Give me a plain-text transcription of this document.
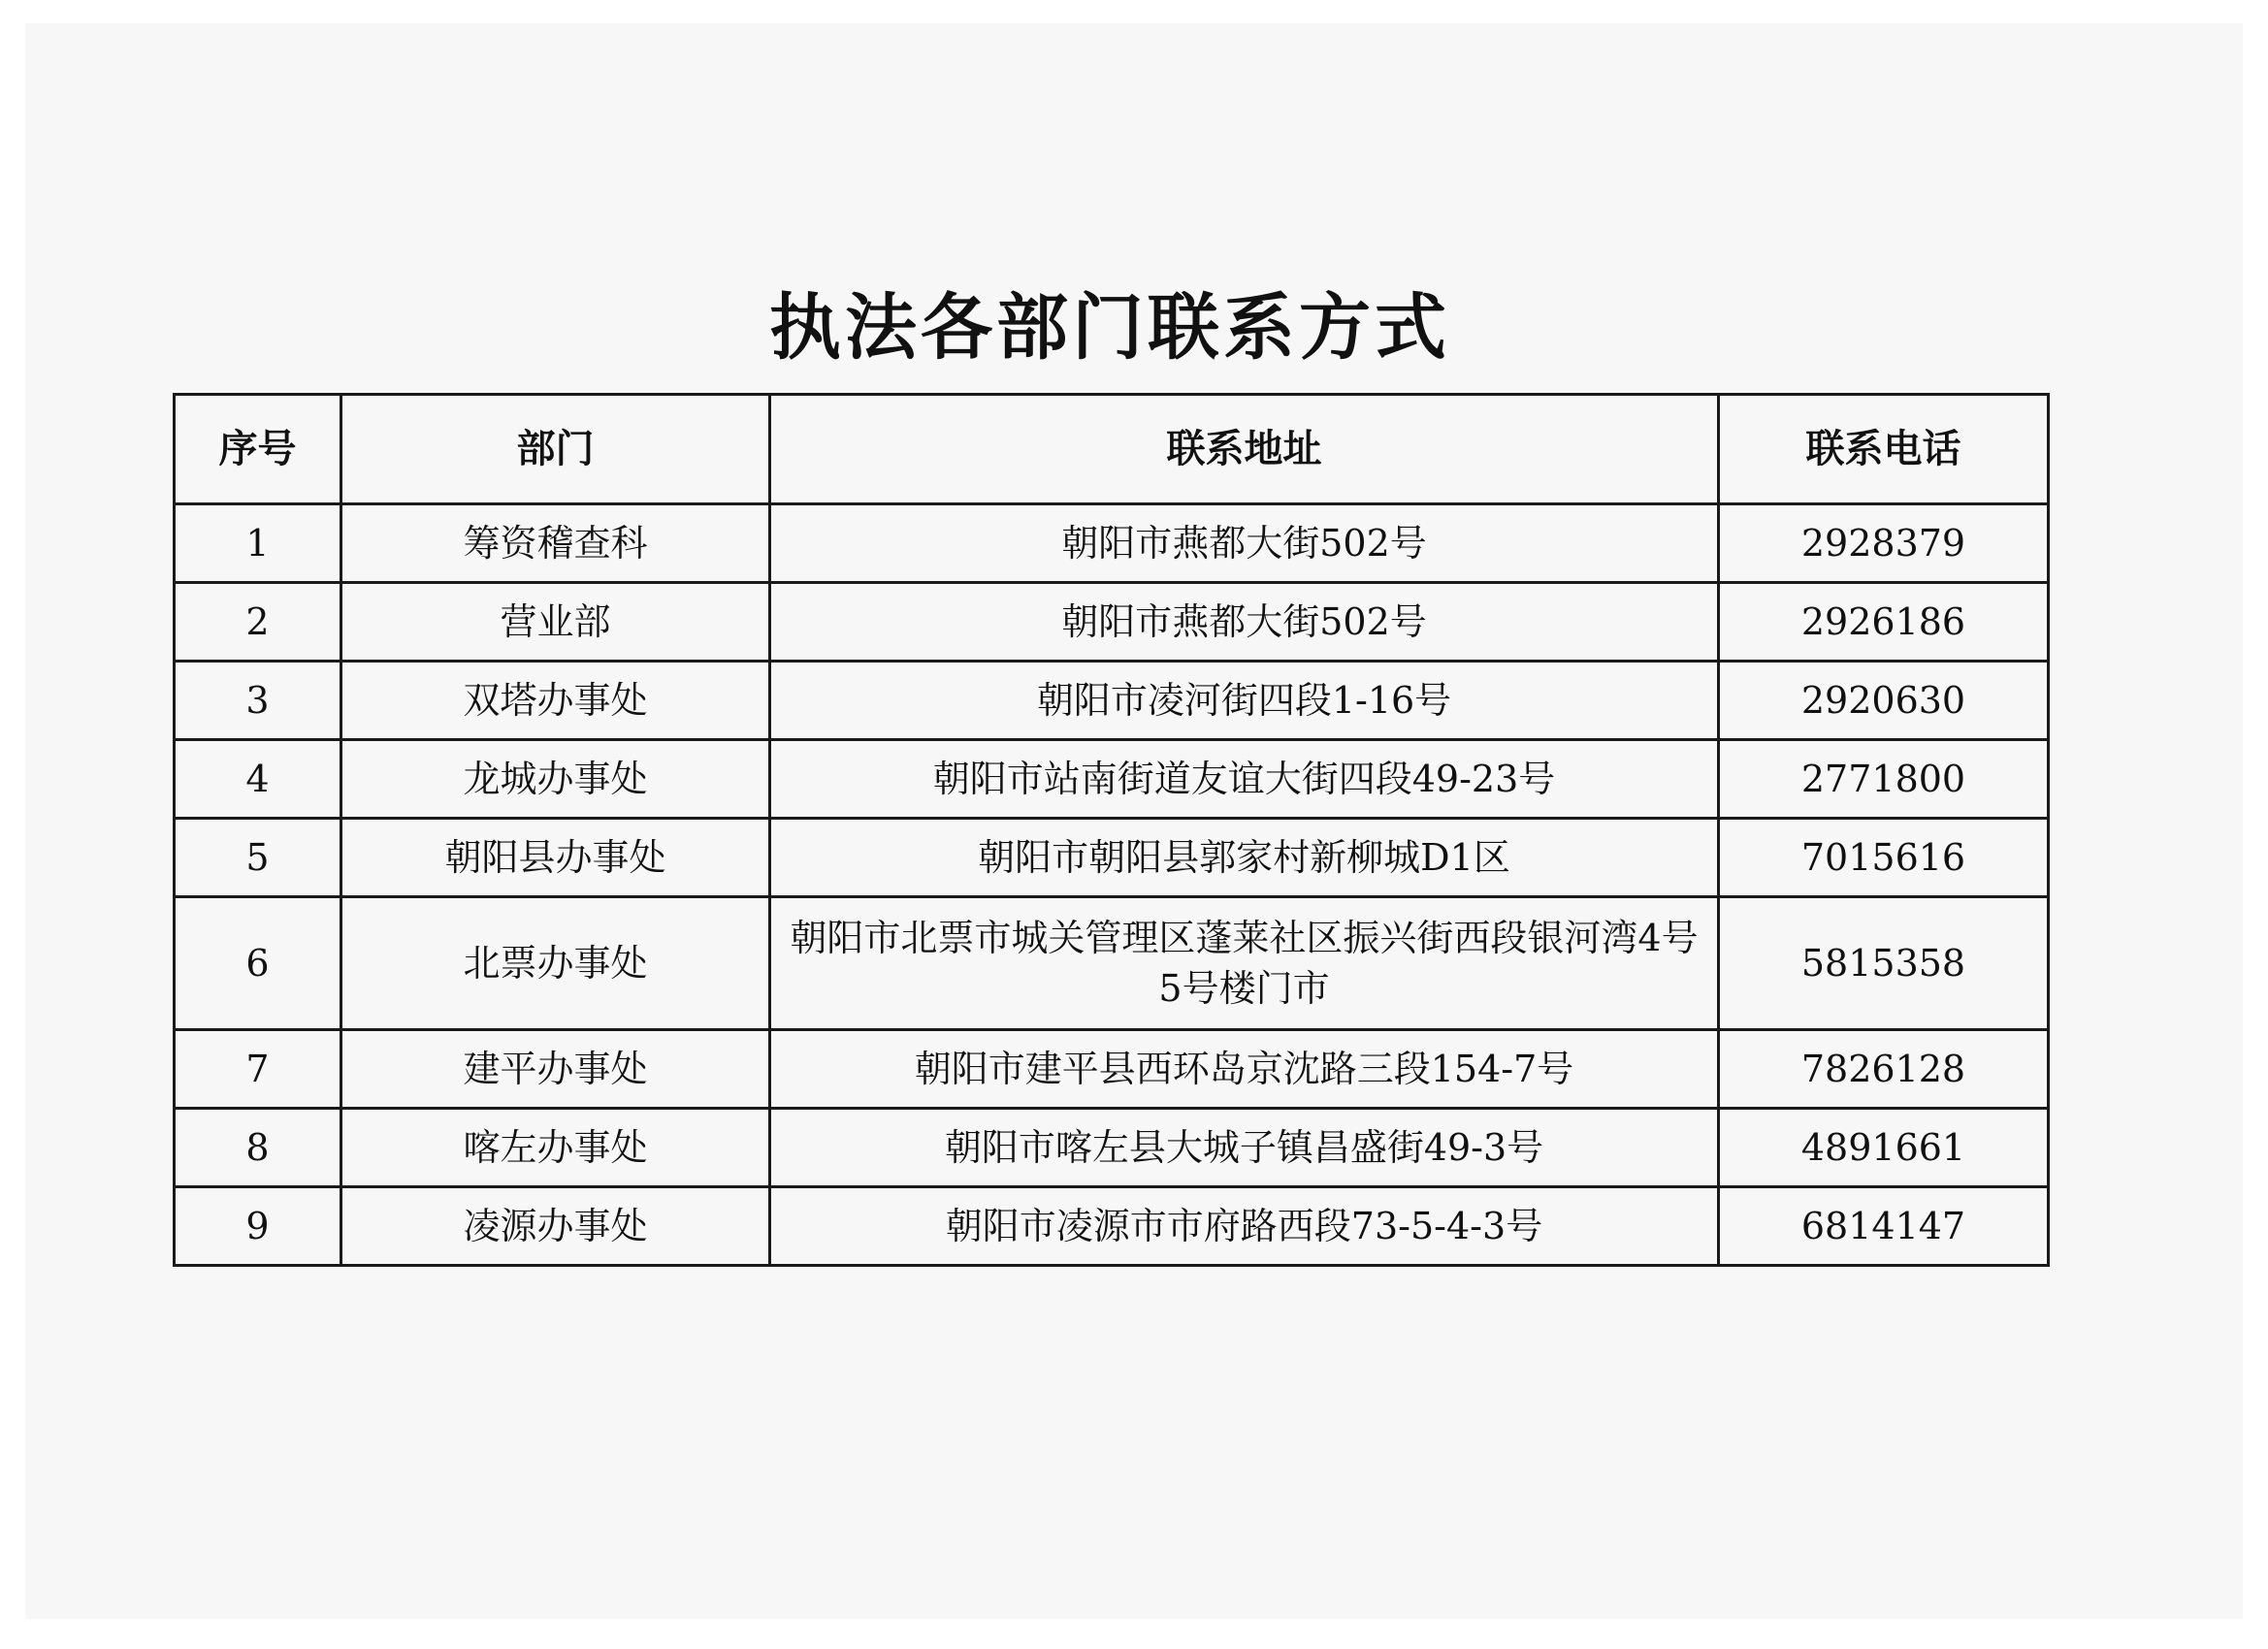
执法各部门联系方式
序号	部门	联系地址	联系电话
1	筹资稽查科	朝阳市燕都大街502号	2928379
2	营业部	朝阳市燕都大街502号	2926186
3	双塔办事处	朝阳市凌河街四段1-16号	2920630
4	龙城办事处	朝阳市站南街道友谊大街四段49-23号	2771800
5	朝阳县办事处	朝阳市朝阳县郭家村新柳城D1区	7015616
6	北票办事处	朝阳市北票市城关管理区蓬莱社区振兴街西段银河湾4号5号楼门市	5815358
7	建平办事处	朝阳市建平县西环岛京沈路三段154-7号	7826128
8	喀左办事处	朝阳市喀左县大城子镇昌盛街49-3号	4891661
9	凌源办事处	朝阳市凌源市市府路西段73-5-4-3号	6814147
